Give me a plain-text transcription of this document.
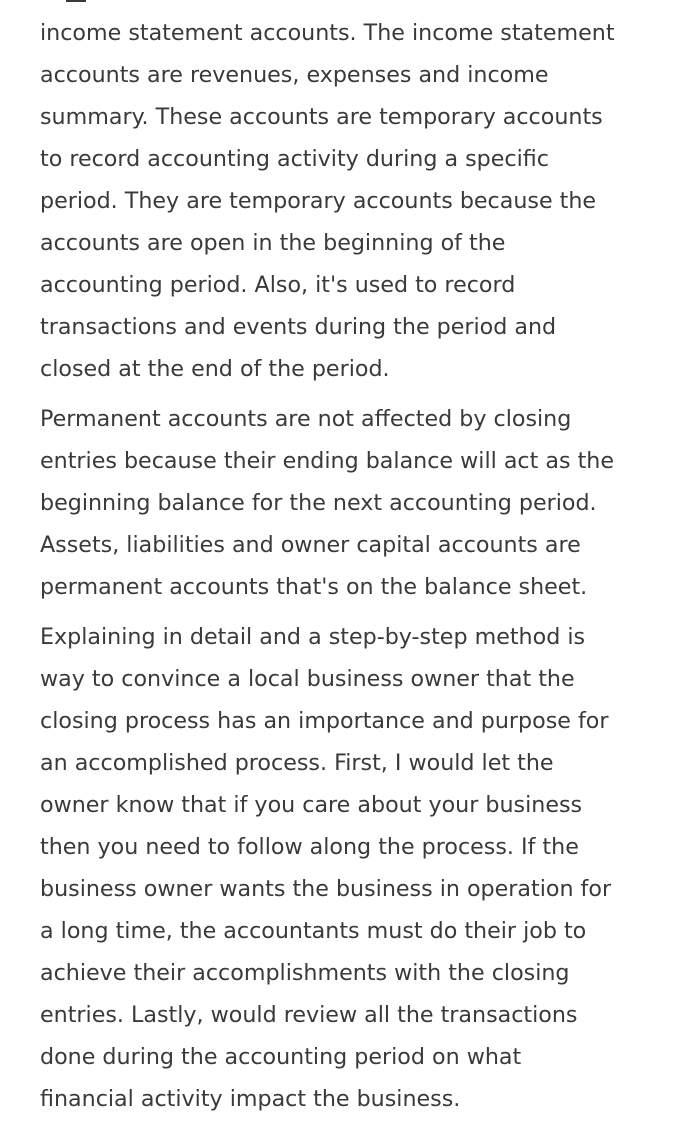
income statement accounts. The income statement
accounts are revenues, expenses and income
summary. These accounts are temporary accounts
to record accounting activity during a specific
period. They are temporary accounts because the
accounts are open in the beginning of the
accounting period. Also, it's used to record
transactions and events during the period and
closed at the end of the period.

Permanent accounts are not affected by closing
entries because their ending balance will act as the
beginning balance for the next accounting period.
Assets, liabilities and owner capital accounts are
permanent accounts that's on the balance sheet.

Explaining in detail and a step-by-step method is
way to convince a local business owner that the
closing process has an importance and purpose for
an accomplished process. First, I would let the
owner know that if you care about your business
then you need to follow along the process. If the
business owner wants the business in operation for
a long time, the accountants must do their job to
achieve their accomplishments with the closing
entries. Lastly, would review all the transactions
done during the accounting period on what
financial activity impact the business.
